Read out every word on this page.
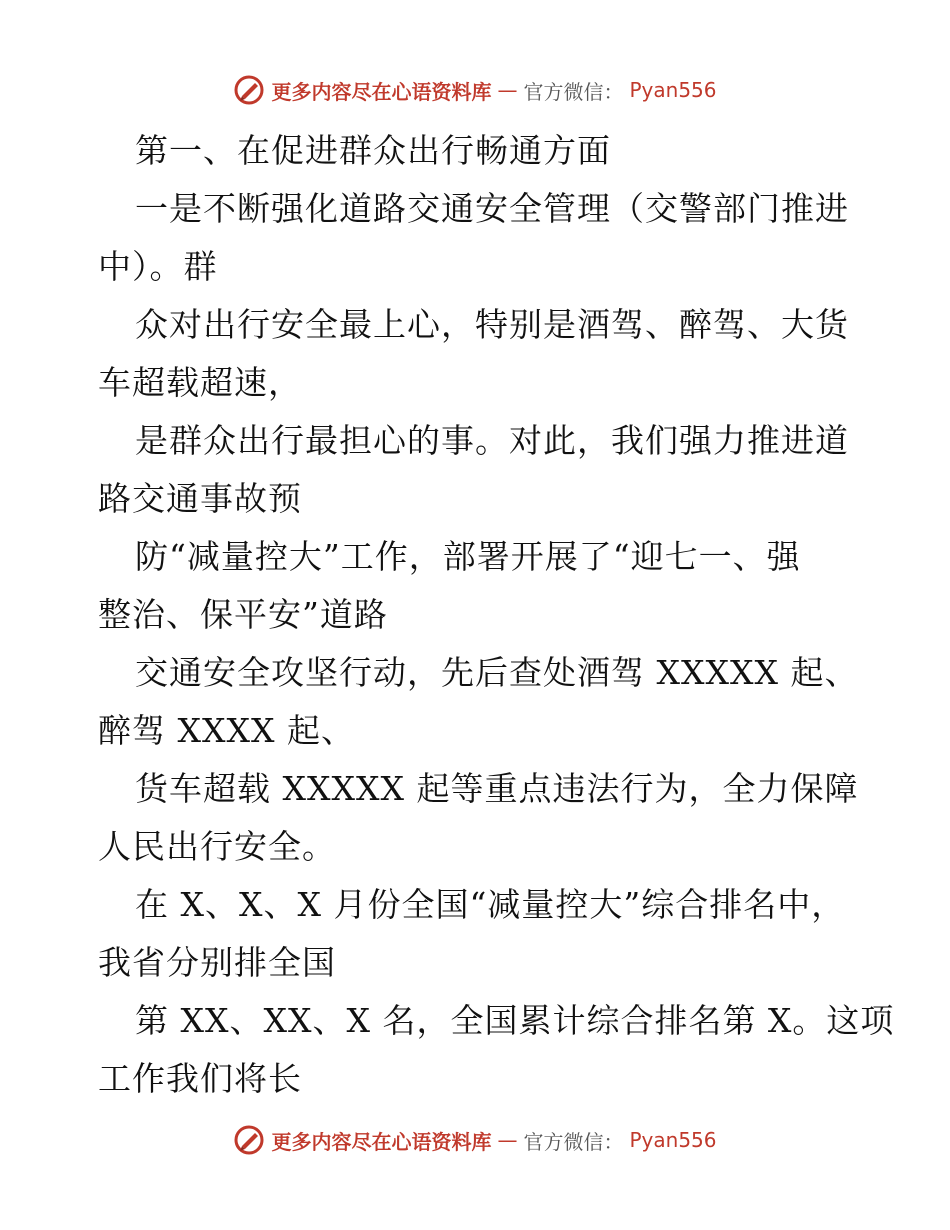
更多内容尽在心语资料库 — 官方微信： Pyan556
第一、在促进群众出行畅通方面
一是不断强化道路交通安全管理（交警部门推进
中）。群
众对出行安全最上心，特别是酒驾、醉驾、大货
车超载超速，
是群众出行最担心的事。对此，我们强力推进道
路交通事故预
防“减量控大”工作，部署开展了“迎七一、强
整治、保平安”道路
交通安全攻坚行动，先后查处酒驾 XXXXX 起、
醉驾 XXXX 起、
货车超载 XXXXX 起等重点违法行为，全力保障
人民出行安全。
在 X、X、X 月份全国“减量控大”综合排名中，
我省分别排全国
第 XX、XX、X 名，全国累计综合排名第 X。这项
工作我们将长
更多内容尽在心语资料库 — 官方微信： Pyan556
